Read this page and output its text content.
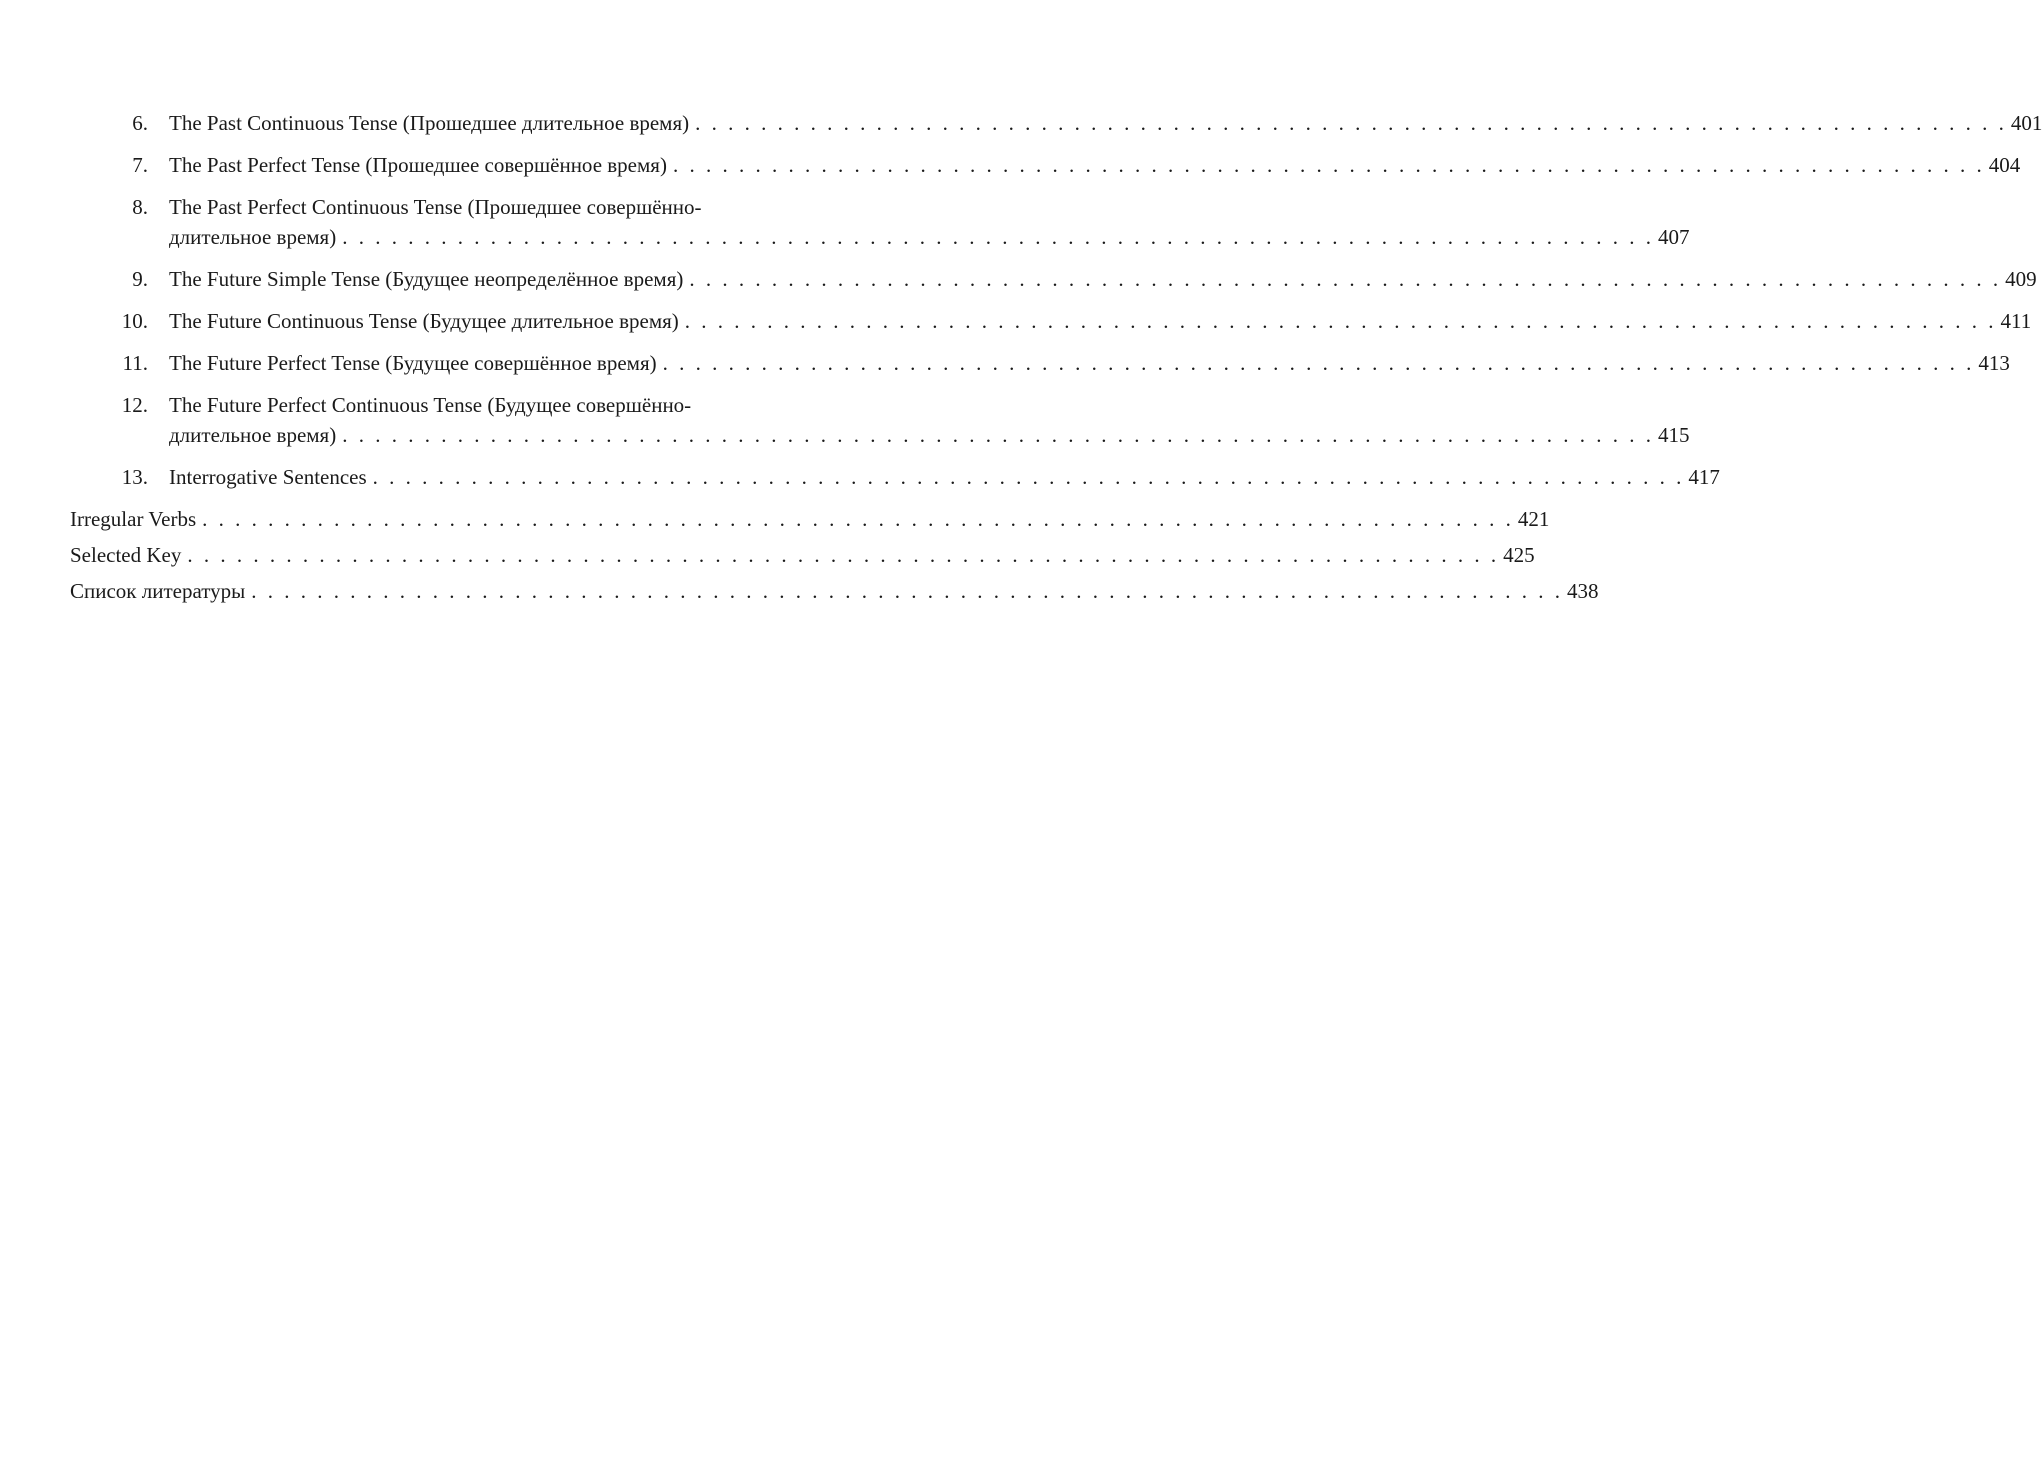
6. The Past Continuous Tense (Прошедшее длительное время) . . . . . . . . . . . . . . . . . . . . . . . . . . . . . . . . . . . . . . . . . . . . . . . . . . . . . . . . . . . . . . . . . . . . . . . . . . . . . . . . 401
7. The Past Perfect Tense (Прошедшее совершённое время) . . . . . . . . . . . . . . . . . . . . . . . . . . . . . . . . . . . . . . . . . . . . . . . . . . . . . . . . . . . . . . . . . . . . . . . . . . . . . . . . 404
8. The Past Perfect Continuous Tense (Прошедшее совершённо-
длительное время) . . . . . . . . . . . . . . . . . . . . . . . . . . . . . . . . . . . . . . . . . . . . . . . . . . . . . . . . . . . . . . . . . . . . . . . . . . . . . . . . 407
9. The Future Simple Tense (Будущее неопределённое время) . . . . . . . . . . . . . . . . . . . . . . . . . . . . . . . . . . . . . . . . . . . . . . . . . . . . . . . . . . . . . . . . . . . . . . . . . . . . . . . . 409
10. The Future Continuous Tense (Будущее длительное время) . . . . . . . . . . . . . . . . . . . . . . . . . . . . . . . . . . . . . . . . . . . . . . . . . . . . . . . . . . . . . . . . . . . . . . . . . . . . . . . . 411
11. The Future Perfect Tense (Будущее совершённое время) . . . . . . . . . . . . . . . . . . . . . . . . . . . . . . . . . . . . . . . . . . . . . . . . . . . . . . . . . . . . . . . . . . . . . . . . . . . . . . . . 413
12. The Future Perfect Continuous Tense (Будущее совершённо-
длительное время) . . . . . . . . . . . . . . . . . . . . . . . . . . . . . . . . . . . . . . . . . . . . . . . . . . . . . . . . . . . . . . . . . . . . . . . . . . . . . . . . 415
13. Interrogative Sentences . . . . . . . . . . . . . . . . . . . . . . . . . . . . . . . . . . . . . . . . . . . . . . . . . . . . . . . . . . . . . . . . . . . . . . . . . . . . . . . . 417
Irregular Verbs . . . . . . . . . . . . . . . . . . . . . . . . . . . . . . . . . . . . . . . . . . . . . . . . . . . . . . . . . . . . . . . . . . . . . . . . . . . . . . . . 421
Selected Key . . . . . . . . . . . . . . . . . . . . . . . . . . . . . . . . . . . . . . . . . . . . . . . . . . . . . . . . . . . . . . . . . . . . . . . . . . . . . . . . 425
Список литературы . . . . . . . . . . . . . . . . . . . . . . . . . . . . . . . . . . . . . . . . . . . . . . . . . . . . . . . . . . . . . . . . . . . . . . . . . . . . . . . . 438
